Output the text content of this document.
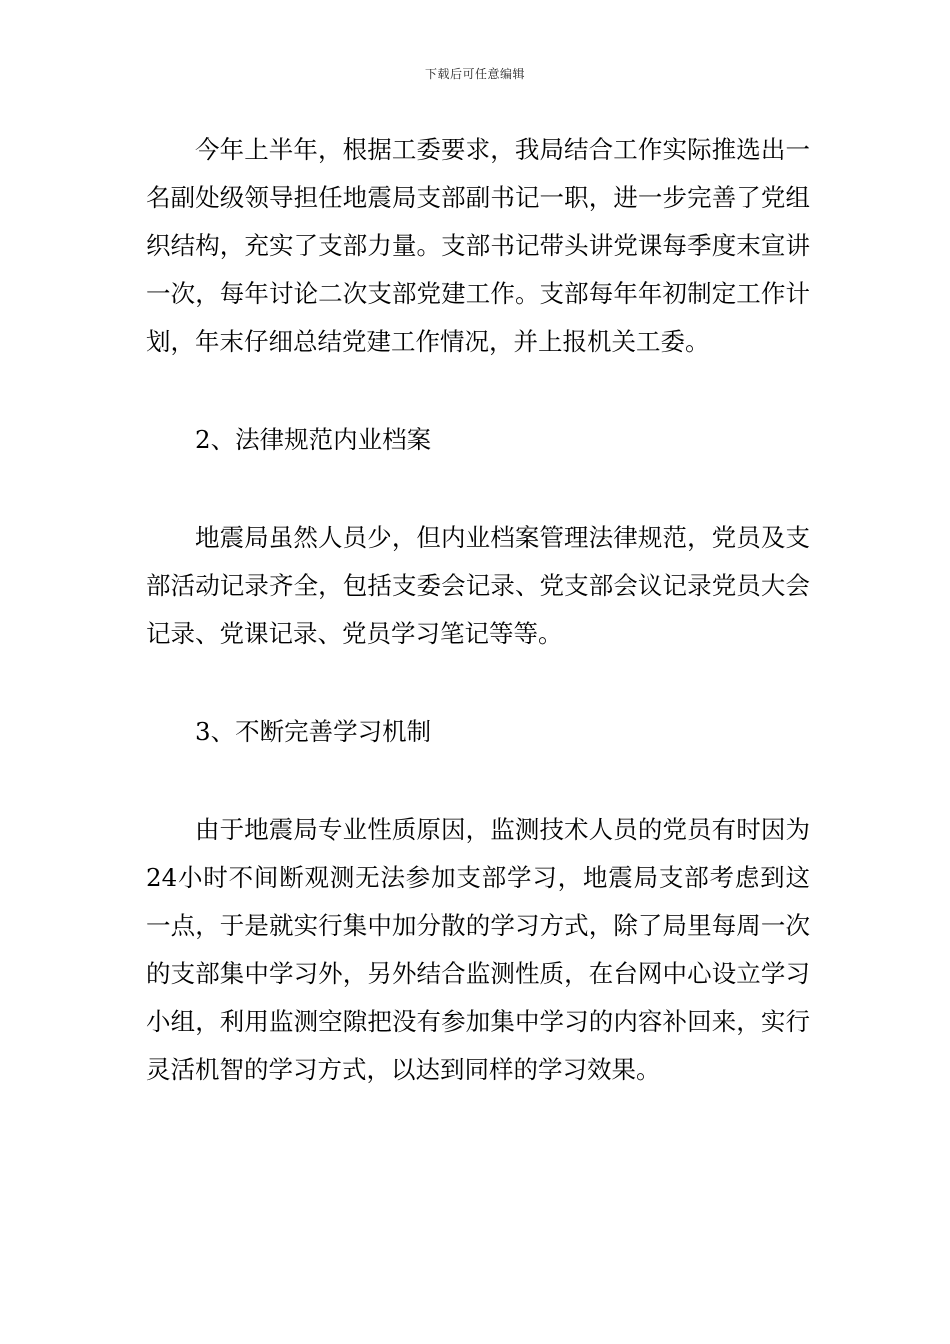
下载后可任意编辑

今年上半年，根据工委要求，我局结合工作实际推选出一名副处级领导担任地震局支部副书记一职，进一步完善了党组织结构，充实了支部力量。支部书记带头讲党课每季度末宣讲一次，每年讨论二次支部党建工作。支部每年年初制定工作计划，年末仔细总结党建工作情况，并上报机关工委。

2、法律规范内业档案

地震局虽然人员少，但内业档案管理法律规范，党员及支部活动记录齐全，包括支委会记录、党支部会议记录党员大会记录、党课记录、党员学习笔记等等。

3、不断完善学习机制

由于地震局专业性质原因，监测技术人员的党员有时因为24小时不间断观测无法参加支部学习，地震局支部考虑到这一点，于是就实行集中加分散的学习方式，除了局里每周一次的支部集中学习外，另外结合监测性质，在台网中心设立学习小组，利用监测空隙把没有参加集中学习的内容补回来，实行灵活机智的学习方式，以达到同样的学习效果。
